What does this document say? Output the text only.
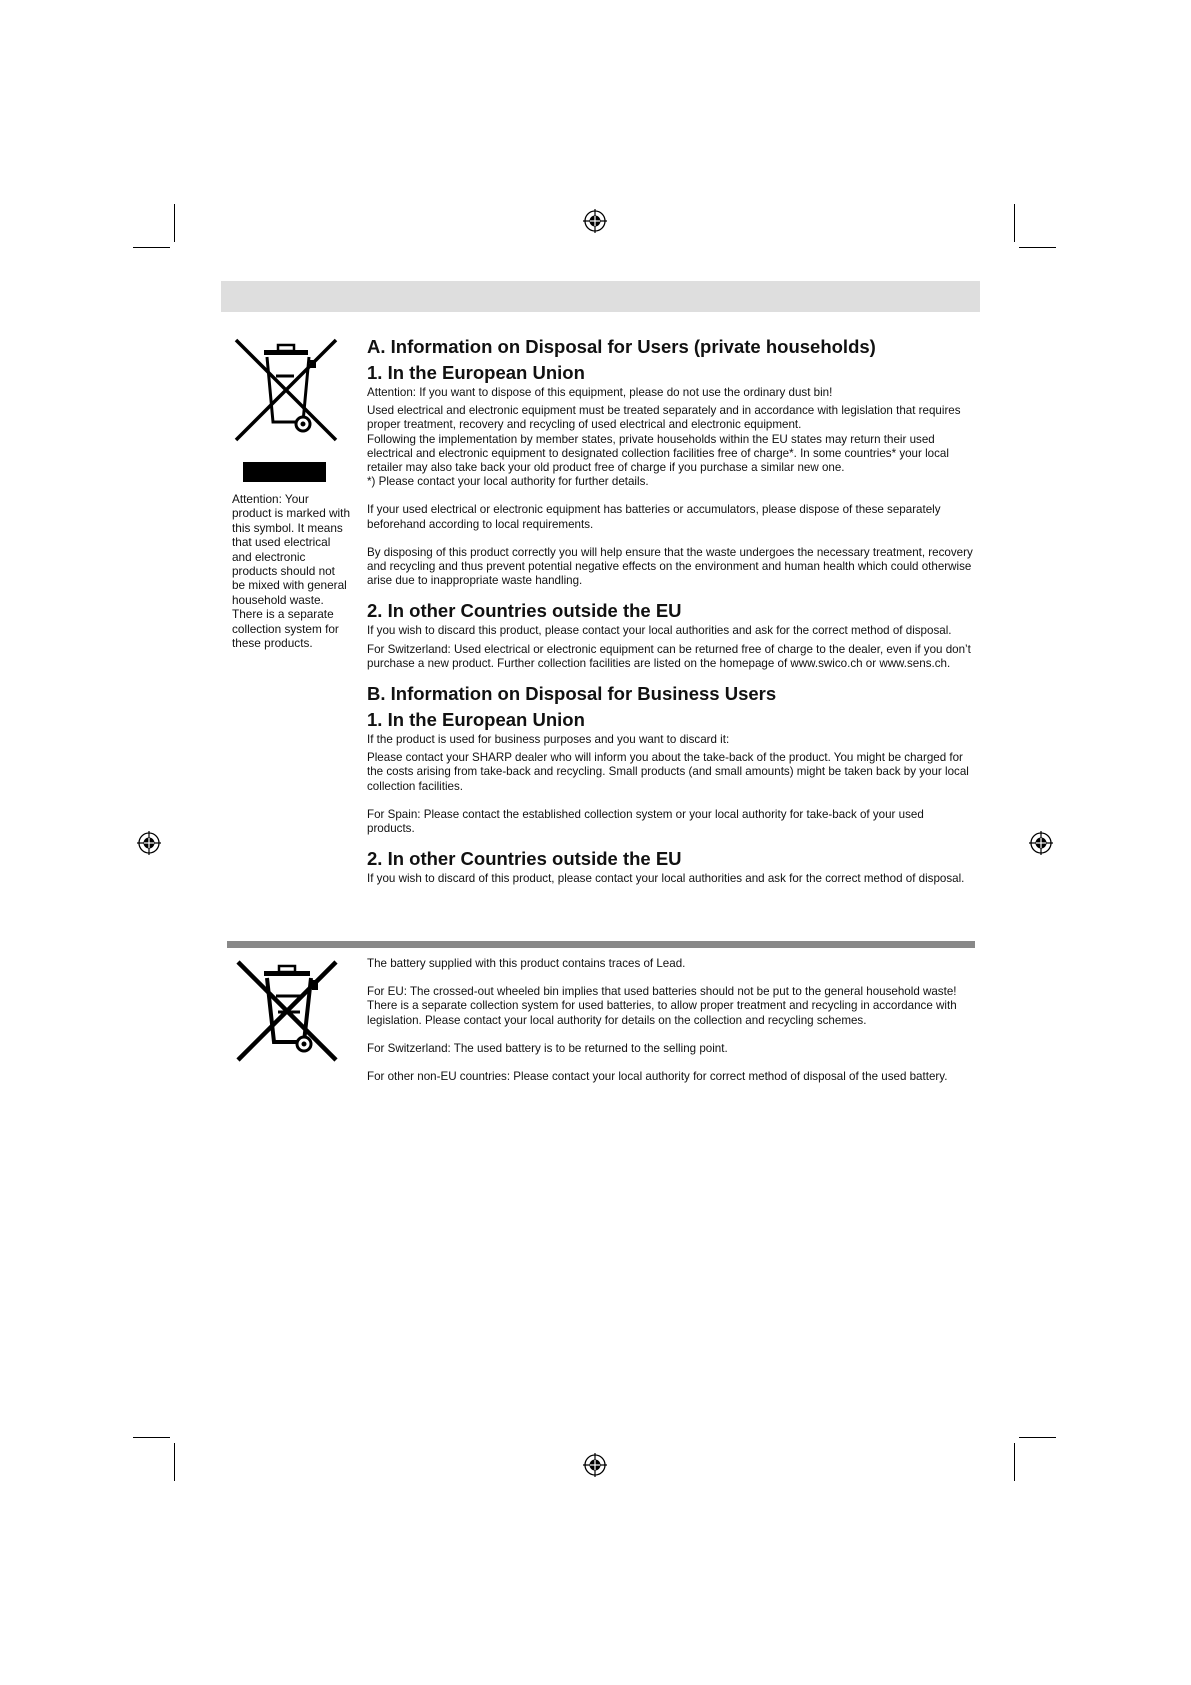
Attention: Your product is marked with this symbol. It means that used electrical and electronic products should not be mixed with general household waste. There is a separate collection system for these products.

A. Information on Disposal for Users (private households)
1. In the European Union

Attention: If you want to dispose of this equipment, please do not use the ordinary dust bin!

Used electrical and electronic equipment must be treated separately and in accordance with legislation that requires proper treatment, recovery and recycling of used electrical and electronic equipment.

Following the implementation by member states, private households within the EU states may return their used electrical and electronic equipment to designated collection facilities free of charge*. In some countries* your local retailer may also take back your old product free of charge if you purchase a similar new one.

*) Please contact your local authority for further details.

If your used electrical or electronic equipment has batteries or accumulators, please dispose of these separately beforehand according to local requirements.

By disposing of this product correctly you will help ensure that the waste undergoes the necessary treatment, recovery and recycling and thus prevent potential negative effects on the environment and human health which could otherwise arise due to inappropriate waste handling.

2. In other Countries outside the EU

If you wish to discard this product, please contact your local authorities and ask for the correct method of disposal.

For Switzerland: Used electrical or electronic equipment can be returned free of charge to the dealer, even if you don’t purchase a new product. Further collection facilities are listed on the homepage of www.swico.ch or www.sens.ch.

B. Information on Disposal for Business Users
1. In the European Union

If the product is used for business purposes and you want to discard it:

Please contact your SHARP dealer who will inform you about the take-back of the product. You might be charged for the costs arising from take-back and recycling. Small products (and small amounts) might be taken back by your local collection facilities.

For Spain: Please contact the established collection system or your local authority for take-back of your used products.

2. In other Countries outside the EU

If you wish to discard of this product, please contact your local authorities and ask for the correct method of disposal.

The battery supplied with this product contains traces of Lead.

For EU: The crossed-out wheeled bin implies that used batteries should not be put to the general household waste! There is a separate collection system for used batteries, to allow proper treatment and recycling in accordance with legislation. Please contact your local authority for details on the collection and recycling schemes.

For Switzerland: The used battery is to be returned to the selling point.

For other non-EU countries: Please contact your local authority for correct method of disposal of the used battery.
